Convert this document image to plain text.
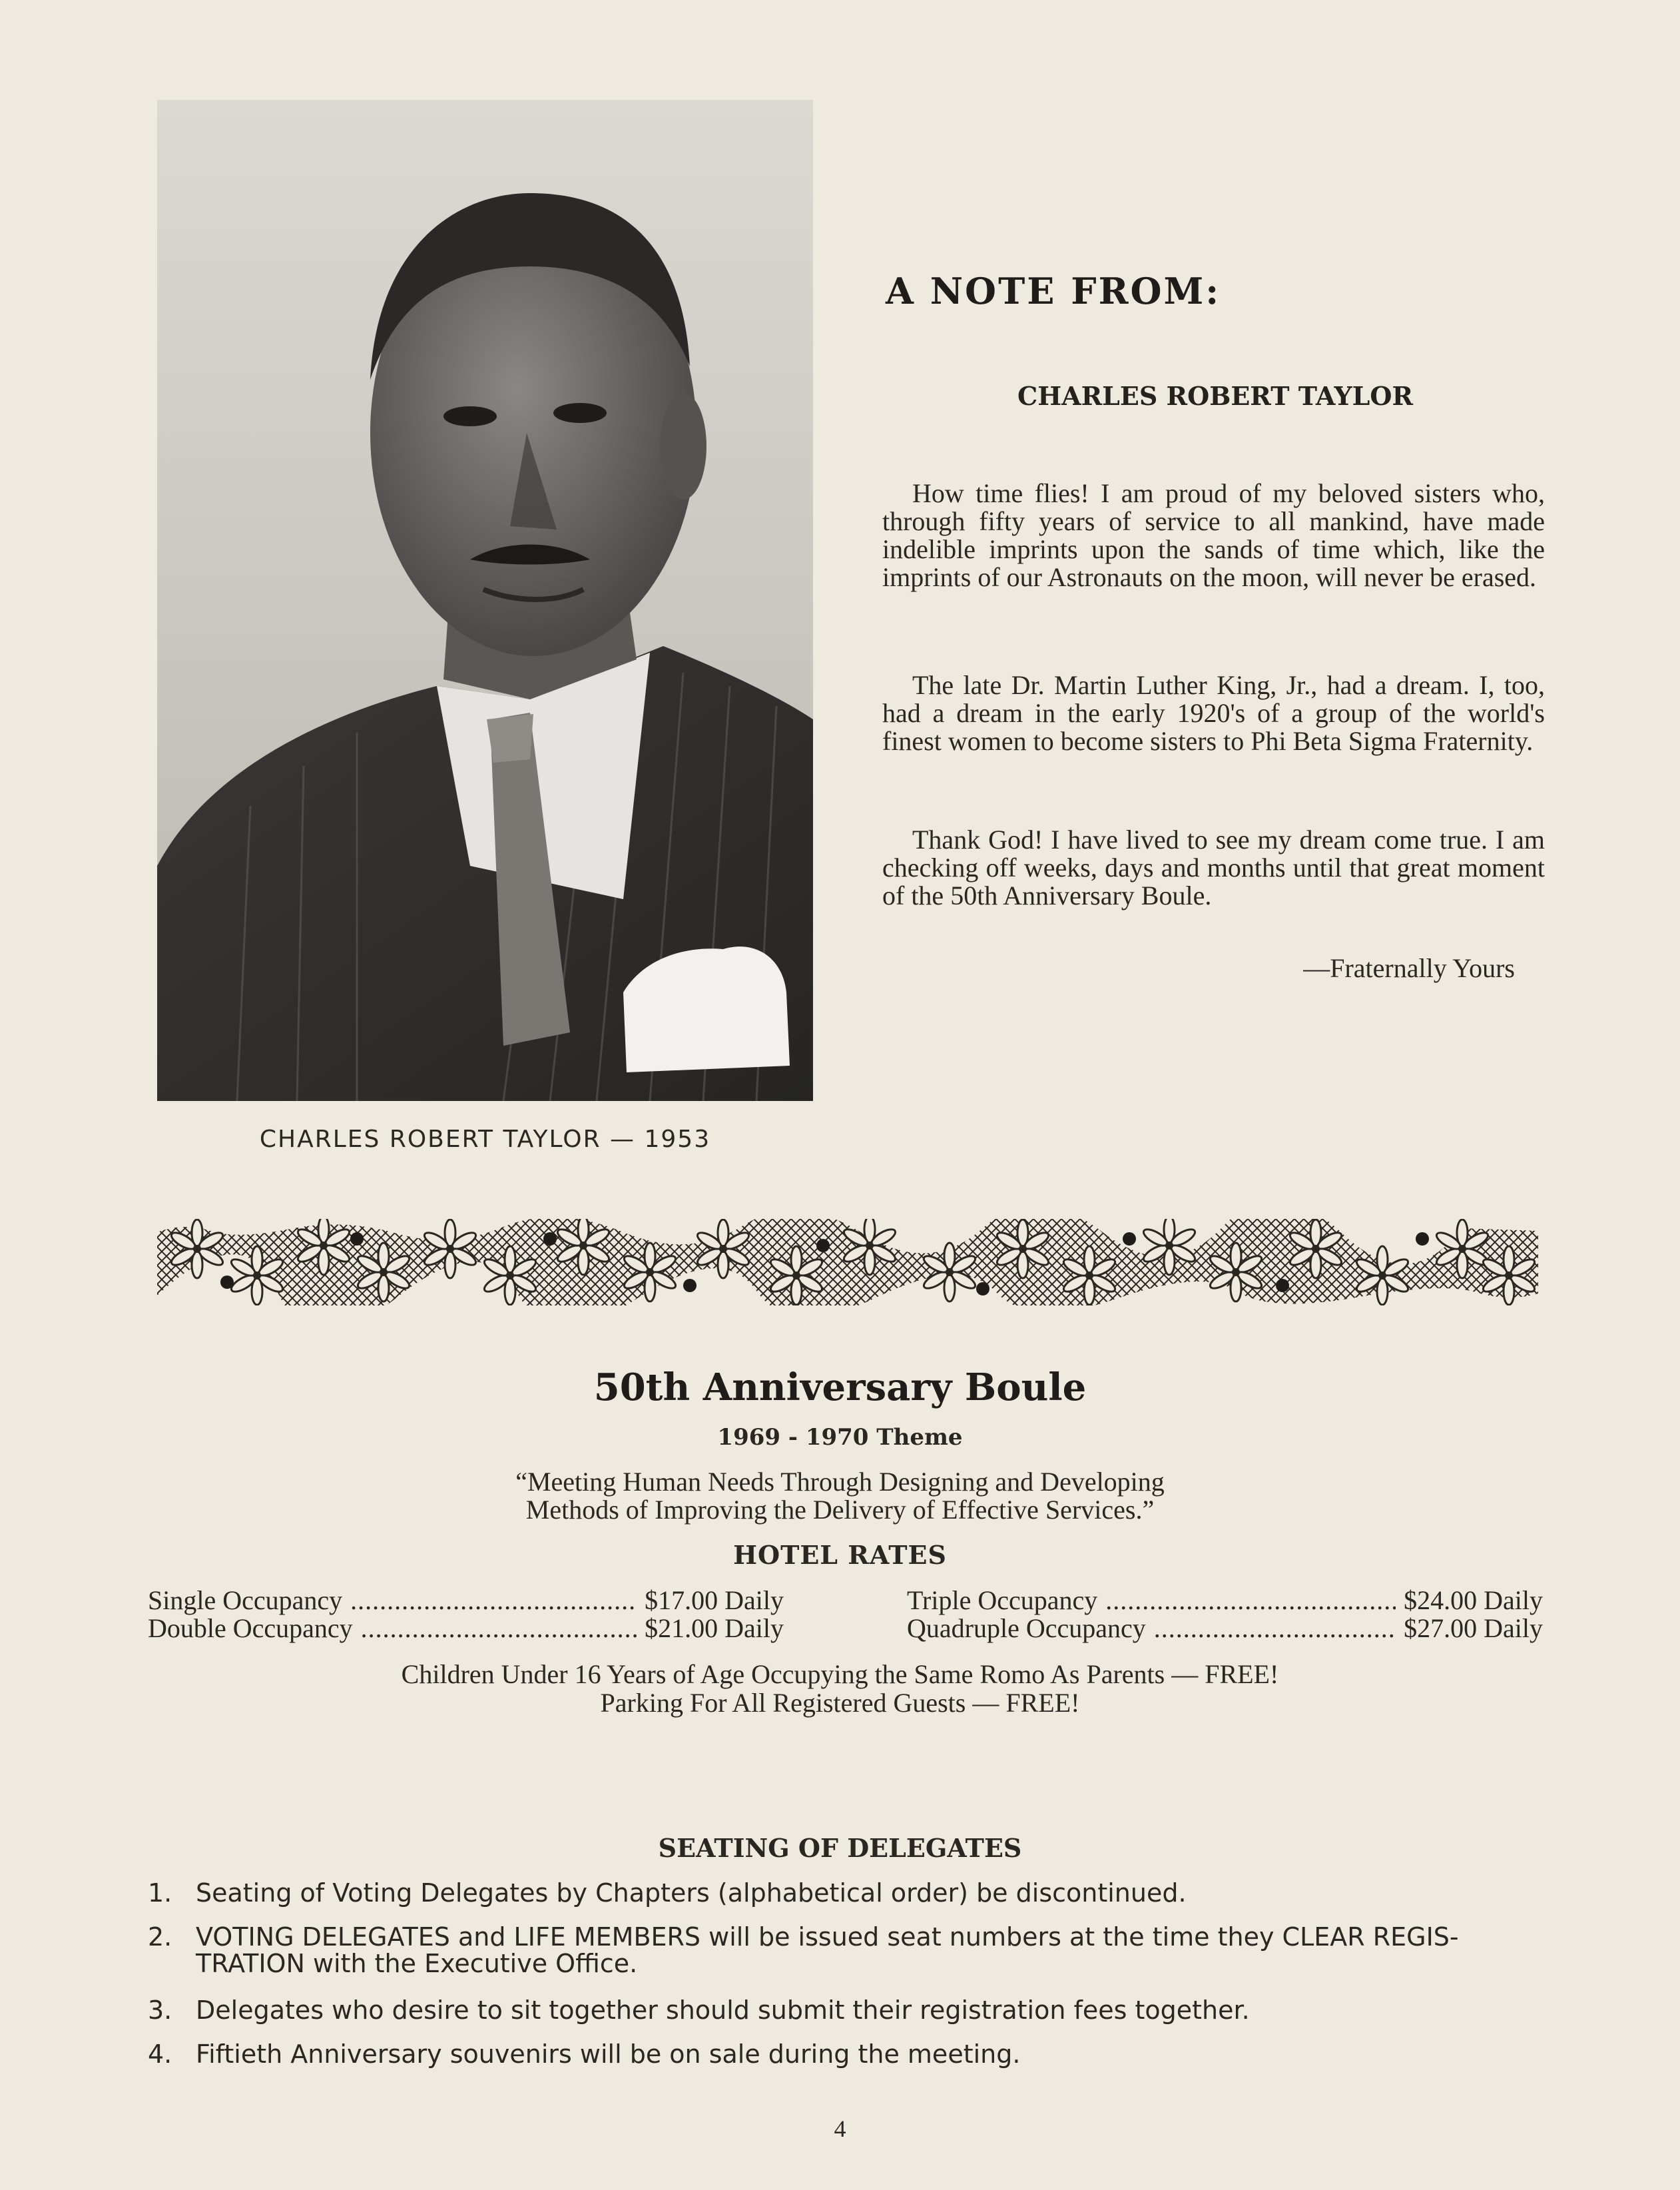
CHARLES ROBERT TAYLOR — 1953
A NOTE FROM:
CHARLES ROBERT TAYLOR
How time flies! I am proud of my beloved sisters who, through fifty years of service to all mankind, have made indelible imprints upon the sands of time which, like the imprints of our Astronauts on the moon, will never be erased.
The late Dr. Martin Luther King, Jr., had a dream. I, too, had a dream in the early 1920's of a group of the world's finest women to become sisters to Phi Beta Sigma Fraternity.
Thank God! I have lived to see my dream come true. I am checking off weeks, days and months until that great moment of the 50th Anniversary Boule.
—Fraternally Yours
50th Anniversary Boule
1969 - 1970 Theme
“Meeting Human Needs Through Designing and Developing
Methods of Improving the Delivery of Effective Services.”
HOTEL RATES
Single Occupancy .....	$17.00 Daily
Double Occupancy .....	$21.00 Daily
Triple Occupancy .....	$24.00 Daily
Quadruple Occupancy .....	$27.00 Daily
Children Under 16 Years of Age Occupying the Same Romo As Parents — FREE!
Parking For All Registered Guests — FREE!
SEATING OF DELEGATES
1. Seating of Voting Delegates by Chapters (alphabetical order) be discontinued.
2. VOTING DELEGATES and LIFE MEMBERS will be issued seat numbers at the time they CLEAR REGIS- TRATION with the Executive Office.
3. Delegates who desire to sit together should submit their registration fees together.
4. Fiftieth Anniversary souvenirs will be on sale during the meeting.
4
